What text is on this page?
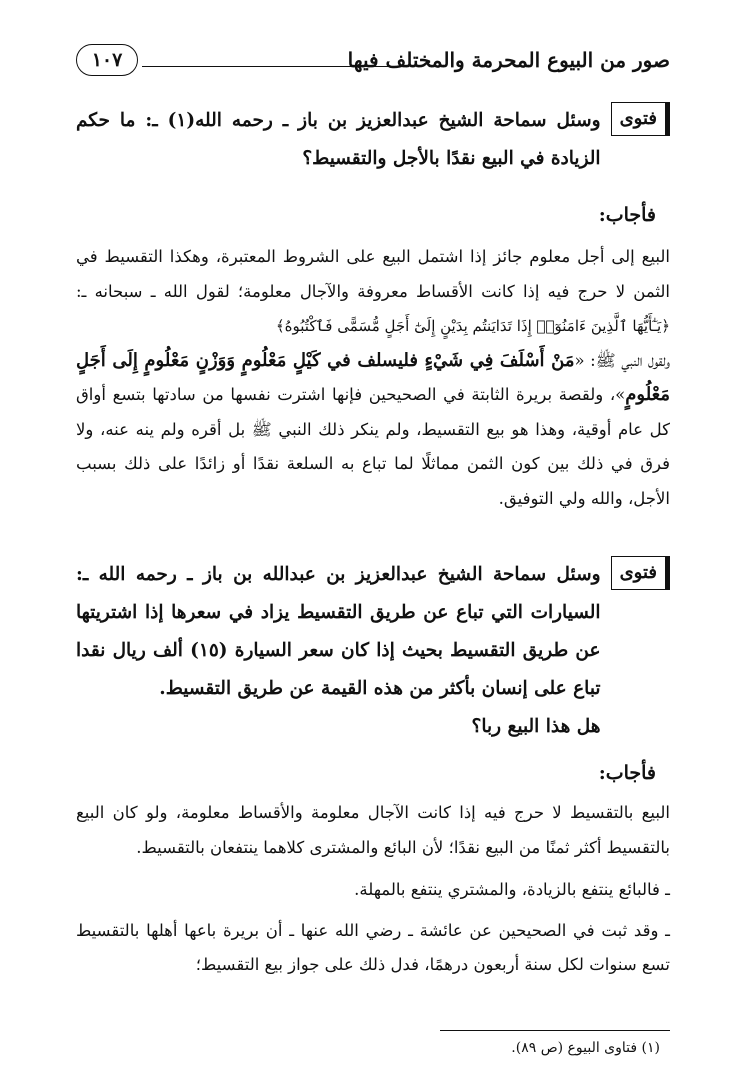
صور من البيوع المحرمة والمختلف فيها
١٠٧
فتوى
وسئل سماحة الشيخ عبدالعزيز بن باز ـ رحمه الله(١) ـ: ما حكم الزيادة في البيع نقدًا بالأجل والتقسيط؟
فأجاب:

البيع إلى أجل معلوم جائز إذا اشتمل البيع على الشروط المعتبرة، وهكذا التقسيط في الثمن لا حرج فيه إذا كانت الأقساط معروفة والآجال معلومة؛ لقول الله ـ سبحانه ـ: ﴿يَـٰٓأَيُّهَا ٱلَّذِينَ ءَامَنُوٓا۟ إِذَا تَدَايَنتُم بِدَيْنٍ إِلَىٰٓ أَجَلٍ مُّسَمًّى فَٱكْتُبُوهُ﴾

ولقول النبي ﷺ: «مَنْ أَسْلَفَ فِي شَيْءٍ فليسلف في كَيْلٍ مَعْلُومٍ وَوَزْنٍ مَعْلُومٍ إِلَى أَجَلٍ مَعْلُومٍ»، ولقصة بريرة الثابتة في الصحيحين فإنها اشترت نفسها من سادتها بتسع أواق كل عام أوقية، وهذا هو بيع التقسيط، ولم ينكر ذلك النبي ﷺ بل أقره ولم ينه عنه، ولا فرق في ذلك بين كون الثمن مماثلًا لما تباع به السلعة نقدًا أو زائدًا على ذلك بسبب الأجل، والله ولي التوفيق.

فتوى
وسئل سماحة الشيخ عبدالعزيز بن عبدالله بن باز ـ رحمه الله ـ: السيارات التي تباع عن طريق التقسيط يزاد في سعرها إذا اشتريتها عن طريق التقسيط بحيث إذا كان سعر السيارة (١٥) ألف ريال نقدا تباع على إنسان بأكثر من هذه القيمة عن طريق التقسيط.
هل هذا البيع ربا؟
فأجاب:

البيع بالتقسيط لا حرج فيه إذا كانت الآجال معلومة والأقساط معلومة، ولو كان البيع بالتقسيط أكثر ثمنًا من البيع نقدًا؛ لأن البائع والمشترى كلاهما ينتفعان بالتقسيط.

ـ فالبائع ينتفع بالزيادة، والمشتري ينتفع بالمهلة.

ـ وقد ثبت في الصحيحين عن عائشة ـ رضي الله عنها ـ أن بريرة باعها أهلها بالتقسيط تسع سنوات لكل سنة أربعون درهمًا، فدل ذلك على جواز بيع التقسيط؛

(١) فتاوى البيوع (ص ٨٩).
